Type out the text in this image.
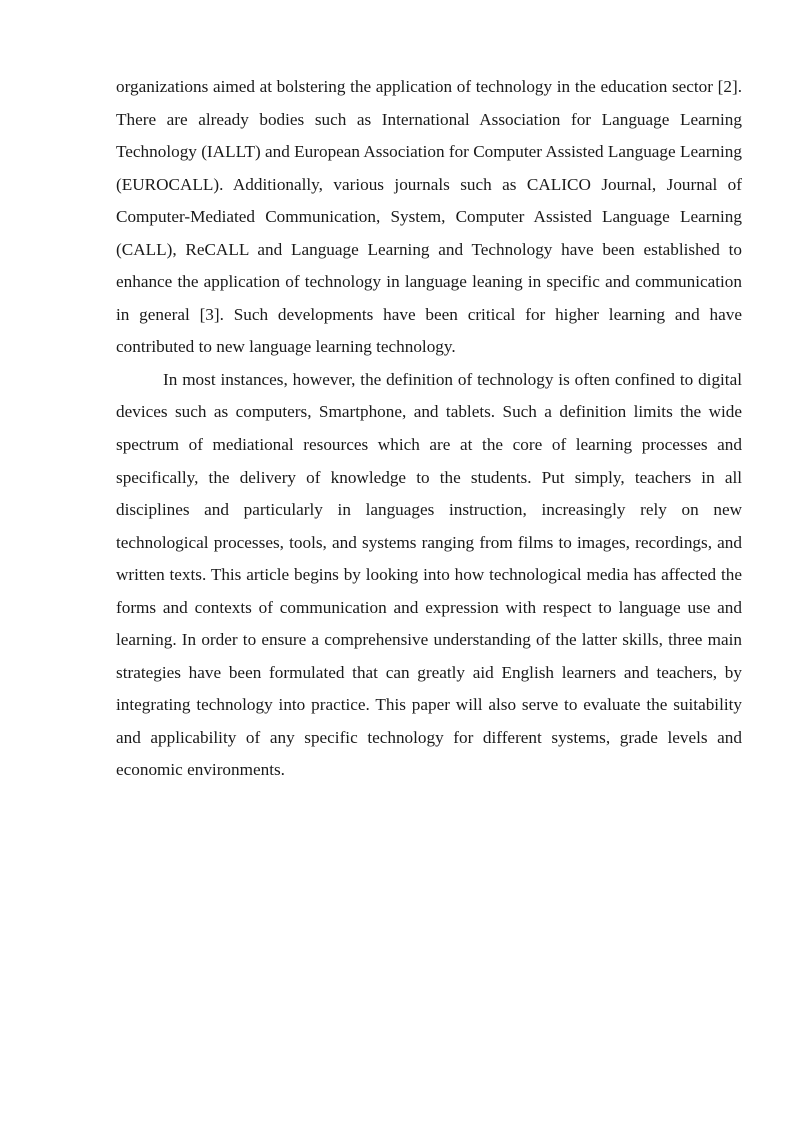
organizations aimed at bolstering the application of technology in the education sector [2]. There are already bodies such as International Association for Language Learning Technology (IALLT) and European Association for Computer Assisted Language Learning (EUROCALL). Additionally, various journals such as CALICO Journal, Journal of Computer-Mediated Communication, System, Computer Assisted Language Learning (CALL), ReCALL and Language Learning and Technology have been established to enhance the application of technology in language leaning in specific and communication in general [3]. Such developments have been critical for higher learning and have contributed to new language learning technology.

In most instances, however, the definition of technology is often confined to digital devices such as computers, Smartphone, and tablets. Such a definition limits the wide spectrum of mediational resources which are at the core of learning processes and specifically, the delivery of knowledge to the students. Put simply, teachers in all disciplines and particularly in languages instruction, increasingly rely on new technological processes, tools, and systems ranging from films to images, recordings, and written texts. This article begins by looking into how technological media has affected the forms and contexts of communication and expression with respect to language use and learning. In order to ensure a comprehensive understanding of the latter skills, three main strategies have been formulated that can greatly aid English learners and teachers, by integrating technology into practice. This paper will also serve to evaluate the suitability and applicability of any specific technology for different systems, grade levels and economic environments.
